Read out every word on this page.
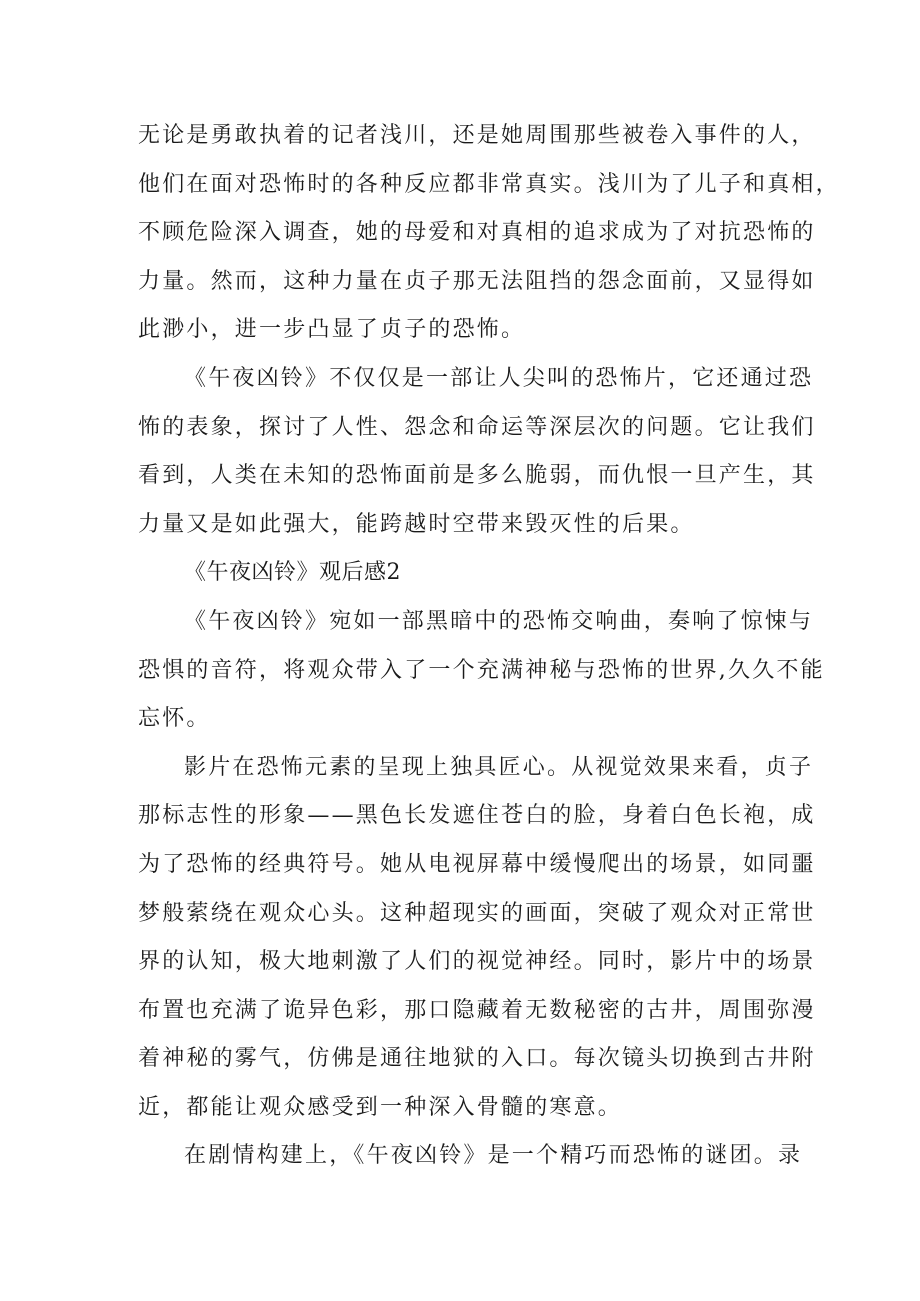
无论是勇敢执着的记者浅川，还是她周围那些被卷入事件的人，
他们在面对恐怖时的各种反应都非常真实。浅川为了儿子和真相，
不顾危险深入调查，她的母爱和对真相的追求成为了对抗恐怖的
力量。然而，这种力量在贞子那无法阻挡的怨念面前，又显得如
此渺小，进一步凸显了贞子的恐怖。
《午夜凶铃》不仅仅是一部让人尖叫的恐怖片，它还通过恐
怖的表象，探讨了人性、怨念和命运等深层次的问题。它让我们
看到，人类在未知的恐怖面前是多么脆弱，而仇恨一旦产生，其
力量又是如此强大，能跨越时空带来毁灭性的后果。
《午夜凶铃》观后感2
《午夜凶铃》宛如一部黑暗中的恐怖交响曲，奏响了惊悚与
恐惧的音符，将观众带入了一个充满神秘与恐怖的世界,久久不能
忘怀。
影片在恐怖元素的呈现上独具匠心。从视觉效果来看，贞子
那标志性的形象——黑色长发遮住苍白的脸，身着白色长袍，成
为了恐怖的经典符号。她从电视屏幕中缓慢爬出的场景，如同噩
梦般萦绕在观众心头。这种超现实的画面，突破了观众对正常世
界的认知，极大地刺激了人们的视觉神经。同时，影片中的场景
布置也充满了诡异色彩，那口隐藏着无数秘密的古井，周围弥漫
着神秘的雾气，仿佛是通往地狱的入口。每次镜头切换到古井附
近，都能让观众感受到一种深入骨髓的寒意。
在剧情构建上，《午夜凶铃》是一个精巧而恐怖的谜团。录
